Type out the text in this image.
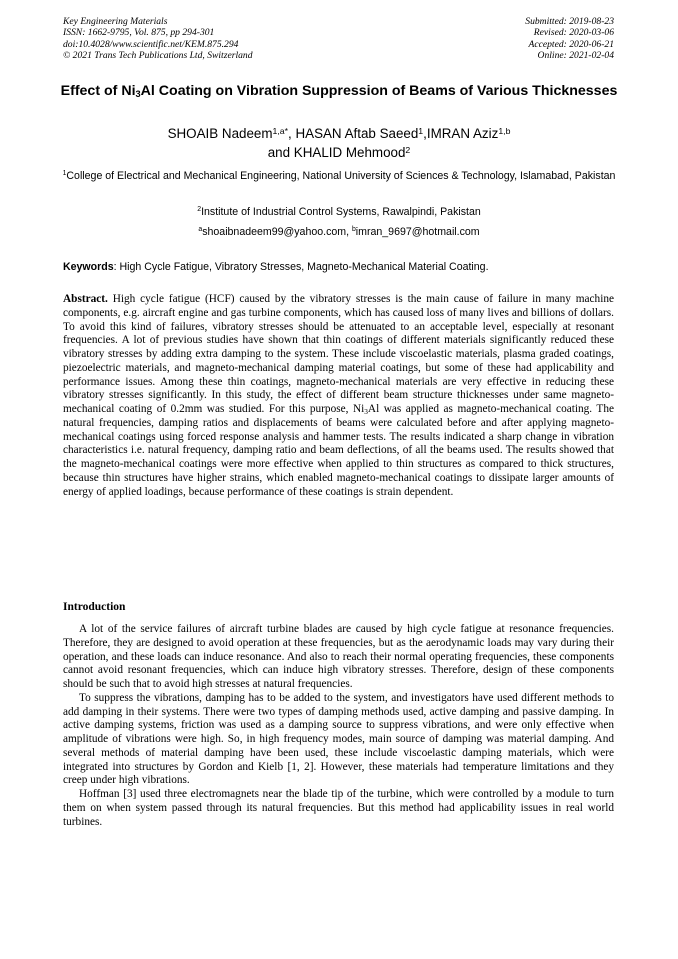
Key Engineering Materials
ISSN: 1662-9795, Vol. 875, pp 294-301
doi:10.4028/www.scientific.net/KEM.875.294
© 2021 Trans Tech Publications Ltd, Switzerland
Submitted: 2019-08-23
Revised: 2020-03-06
Accepted: 2020-06-21
Online: 2021-02-04
Effect of $Ni_3Al$ Coating on Vibration Suppression of Beams of Various Thicknesses
SHOAIB Nadeem$^{1,a*}$, HASAN Aftab Saeed$^1$,IMRAN Aziz$^{1,b}$
and KHALID Mehmood$^2$
$^1$College of Electrical and Mechanical Engineering, National University of Sciences & Technology, Islamabad, Pakistan
$^2$Institute of Industrial Control Systems, Rawalpindi, Pakistan
$^a$shoaibnadeem99@yahoo.com, $^b$imran_9697@hotmail.com
Keywords: High Cycle Fatigue, Vibratory Stresses, Magneto-Mechanical Material Coating.

Abstract. High cycle fatigue (HCF) caused by the vibratory stresses is the main cause of failure in many machine components, e.g. aircraft engine and gas turbine components, which has caused loss of many lives and billions of dollars. To avoid this kind of failures, vibratory stresses should be attenuated to an acceptable level, especially at resonant frequencies. A lot of previous studies have shown that thin coatings of different materials significantly reduced these vibratory stresses by adding extra damping to the system. These include viscoelastic materials, plasma graded coatings, piezoelectric materials, and magneto-mechanical damping material coatings, but some of these had applicability and performance issues. Among these thin coatings, magneto-mechanical materials are very effective in reducing these vibratory stresses significantly. In this study, the effect of different beam structure thicknesses under same magneto-mechanical coating of 0.2mm was studied. For this purpose, $Ni_3Al$ was applied as magneto-mechanical coating. The natural frequencies, damping ratios and displacements of beams were calculated before and after applying magneto-mechanical coatings using forced response analysis and hammer tests. The results indicated a sharp change in vibration characteristics i.e. natural frequency, damping ratio and beam deflections, of all the beams used. The results showed that the magneto-mechanical coatings were more effective when applied to thin structures as compared to thick structures, because thin structures have higher strains, which enabled magneto-mechanical coatings to dissipate larger amounts of energy of applied loadings, because performance of these coatings is strain dependent.

Introduction

A lot of the service failures of aircraft turbine blades are caused by high cycle fatigue at resonance frequencies. Therefore, they are designed to avoid operation at these frequencies, but as the aerodynamic loads may vary during their operation, and these loads can induce resonance. And also to reach their normal operating frequencies, these components cannot avoid resonant frequencies, which can induce high vibratory stresses. Therefore, design of these components should be such that to avoid high stresses at natural frequencies.

To suppress the vibrations, damping has to be added to the system, and investigators have used different methods to add damping in their systems. There were two types of damping methods used, active damping and passive damping. In active damping systems, friction was used as a damping source to suppress vibrations, and were only effective when amplitude of vibrations were high. So, in high frequency modes, main source of damping was material damping. And several methods of material damping have been used, these include viscoelastic damping materials, which were integrated into structures by Gordon and Kielb [1, 2]. However, these materials had temperature limitations and they creep under high vibrations.

Hoffman [3] used three electromagnets near the blade tip of the turbine, which were controlled by a module to turn them on when system passed through its natural frequencies. But this method had applicability issues in real world turbines.
